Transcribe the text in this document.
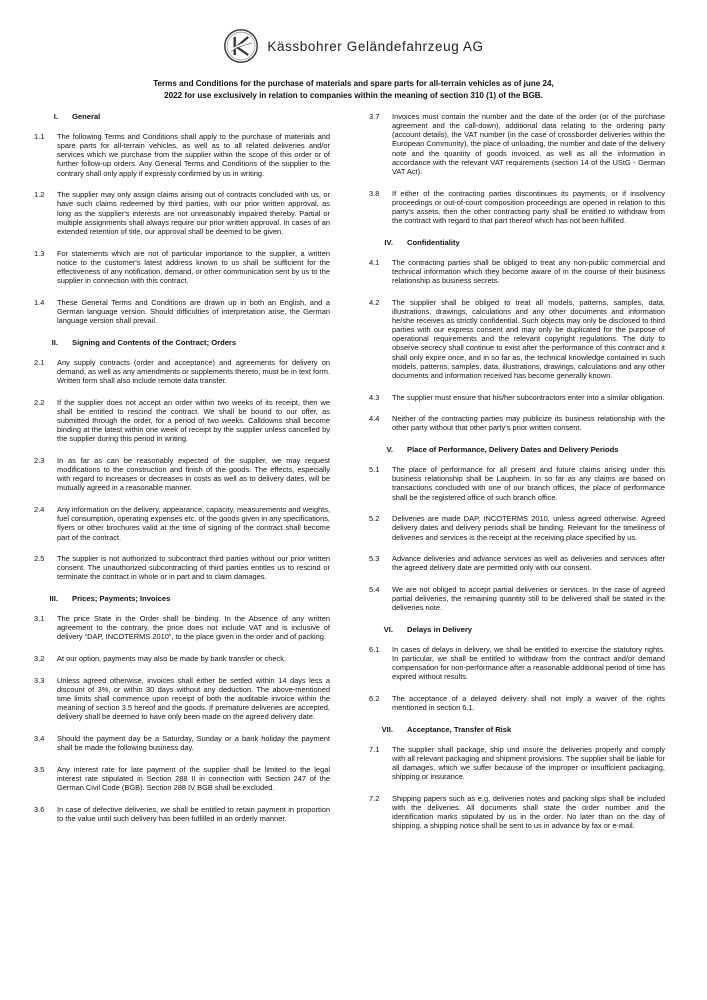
Kässbohrer Geländefahrzeug AG
Terms and Conditions for the purchase of materials and spare parts for all-terrain vehicles as of june 24,
2022 for use exclusively in relation to companies within the meaning of section 310 (1) of the BGB.
I.	General
1.1	The following Terms and Conditions shall apply to the purchase of materials and spare parts for all-terrain vehicles, as well as to all related deliveries and/or services which we purchase from the supplier within the scope of this order or of further follow-up orders. Any General Terms and Conditions of the supplier to the contrary shall only apply if expressly confirmed by us in writing.
1.2	The supplier may only assign claims arising out of contracts concluded with us, or have such claims redeemed by third parties, with our prior written approval, as long as the supplier's interests are not unreasonably impaired thereby. Partial or multiple assignments shall always require our prior written approval. In cases of an extended retention of title, our approval shall be deemed to be given.
1.3	For statements which are not of particular importance to the supplier, a written notice to the customer's latest address known to us shall be sufficient for the effectiveness of any notification, demand, or other communication sent by us to the supplier in connection with this contract.
1.4	These General Terms and Conditions are drawn up in both an English, and a German language version. Should difficulties of interpretation arise, the German language version shall prevail.
II.	Signing and Contents of the Contract; Orders
2.1	Any supply contracts (order and acceptance) and agreements for delivery on demand, as well as any amendments or supplements thereto, must be in text form. Written form shall also include remote data transfer.
2.2	If the supplier does not accept an order within two weeks of its receipt, then we shall be entitled to rescind the contract. We shall be bound to our offer, as submitted through the order, for a period of two weeks. Calldowns shall become binding at the latest within one week of receipt by the supplier unless cancelled by the supplier during this period in writing.
2.3	In as far as can be reasonably expected of the supplier, we may request modifications to the construction and finish of the goods. The effects, especially with regard to increases or decreases in costs as well as to delivery dates, will be mutually agreed in a reasonable manner.
2.4	Any information on the delivery, appearance, capacity, measurements and weights, fuel consumption, operating expenses etc. of the goods given in any specifications, flyers or other brochures valid at the time of signing of the contract shall become part of the contract.
2.5	The supplier is not authorized to subcontract third parties without our prior written consent. The unauthorized subcontracting of third parties entitles us to rescind or terminate the contract in whole or in part and to claim damages.
III.	Prices; Payments; Invoices
3.1	The price State in the Order shall be binding. In the Absence of any written agreement to the contrary, the price does not include VAT and is inclusive of delivery “DAP, INCOTERMS 2010”, to the place given in the order and of packing.
3.2	At our option, payments may also be made by bank transfer or check.
3.3	Unless agreed otherwise, invoices shall either be settled within 14 days less a discount of 3%, or within 30 days without any deduction. The above-mentioned time limits shall commence upon receipt of both the auditable invoice within the meaning of section 3.5 hereof and the goods. If premature deliveries are accepted, delivery shall be deemed to have only been made on the agreed delivery date.
3.4	Should the payment day be a Saturday, Sunday or a bank holiday the payment shall be made the following business day.
3.5	Any interest rate for late payment of the supplier shall be limited to the legal interest rate stipulated in Section 288 II in connection with Section 247 of the German Civil Code (BGB). Section 288 IV BGB shall be excluded.
3.6	In case of defective deliveries, we shall be entitled to retain payment in proportion to the value until such delivery has been fulfilled in an orderly manner.
3.7	Invoices must contain the number and the date of the order (or of the purchase agreement and the call-down), additional data relating to the ordering party (account details), the VAT number (in the case of crossborder deliveries within the European Community), the place of unloading, the number and date of the delivery note and the quantity of goods invoiced, as well as all the information in accordance with the relevant VAT requirements (section 14 of the UStG - German VAT Act).
3.8	If either of the contracting parties discontinues its payments, or if insolvency proceedings or out-of-court composition proceedings are opened in relation to this party's assets, then the other contracting party shall be entitled to withdraw from the contract with regard to that part thereof which has not been fulfilled.
IV.	Confidentiality
4.1	The contracting parties shall be obliged to treat any non-public commercial and technical information which they become aware of in the course of their business relationship as business secrets.
4.2	The supplier shall be obliged to treat all models, patterns, samples, data, illustrations, drawings, calculations and any other documents and information he/she receives as strictly confidential. Such objects may only be disclosed to third parties with our express consent and may only be duplicated for the purpose of operational requirements and the relevant copyright regulations. The duty to observe secrecy shall continue to exist after the performance of this contract and it shall only expire once, and in so far as, the technical knowledge contained in such models, patterns, samples, data, illustrations, drawings, calculations and any other documents and information received has become generally known.
4.3	The supplier must ensure that his/her subcontractors enter into a similar obligation.
4.4	Neither of the contracting parties may publicize its business relationship with the other party without that other party's prior written consent.
V.	Place of Performance, Delivery Dates and Delivery Periods
5.1	The place of performance for all present and future claims arising under this business relationship shall be Laupheim. In so far as any claims are based on transactions concluded with one of our branch offices, the place of performance shall be the registered office of such branch office.
5.2	Deliveries are made DAP, INCOTERMS 2010, unless agreed otherwise. Agreed delivery dates and delivery periods shall be binding. Relevant for the timeliness of deliveries and services is the receipt at the receiving place specified by us.
5.3	Advance deliveries and advance services as well as deliveries and services after the agreed delivery date are permitted only with our consent.
5.4	We are not obliged to accept partial deliveries or services. In the case of agreed partial deliveries, the remaining quantity still to be delivered shall be stated in the deliveries note.
VI.	Delays in Delivery
6.1	In cases of delays in delivery, we shall be entitled to exercise the statutory rights. In particular, we shall be entitled to withdraw from the contract and/or demand compensation for non-performance after a reasonable additional period of time has expired without results.
6.2	The acceptance of a delayed delivery shall not imply a waiver of the rights mentioned in section 6.1.
VII.	Acceptance, Transfer of Risk
7.1	The supplier shall package, ship und insure the deliveries properly and comply with all relevant packaging and shipment provisions. The supplier shall be liable for all damages, which we suffer because of the improper or insufficient packaging, shipping or insurance.
7.2	Shipping papers such as e.g. deliveries notes and packing slips shall be included with the deliveries. All documents shall state the order number and the identification marks stipulated by us in the order. No later than on the day of shipping, a shipping notice shall be sent to us in advance by fax or e-mail.
